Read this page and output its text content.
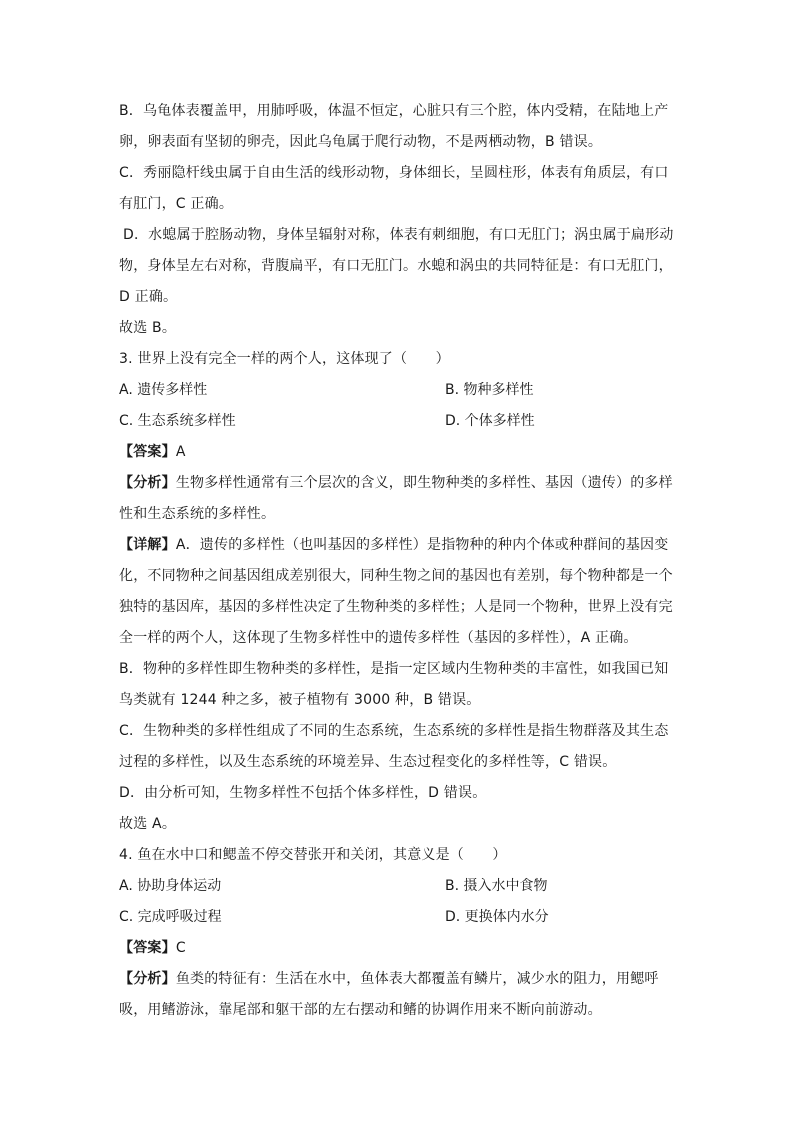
B．乌龟体表覆盖甲，用肺呼吸，体温不恒定，心脏只有三个腔，体内受精，在陆地上产
卵，卵表面有坚韧的卵壳，因此乌龟属于爬行动物，不是两栖动物，B 错误。
C．秀丽隐杆线虫属于自由生活的线形动物，身体细长，呈圆柱形，体表有角质层，有口
有肛门，C 正确。
D．水螅属于腔肠动物，身体呈辐射对称，体表有刺细胞，有口无肛门；涡虫属于扁形动
物，身体呈左右对称，背腹扁平，有口无肛门。水螅和涡虫的共同特征是：有口无肛门，
D 正确。
故选 B。
3. 世界上没有完全一样的两个人，这体现了（　　）
A. 遗传多样性	B. 物种多样性
C. 生态系统多样性	D. 个体多样性
【答案】A
【分析】生物多样性通常有三个层次的含义，即生物种类的多样性、基因（遗传）的多样
性和生态系统的多样性。
【详解】A．遗传的多样性（也叫基因的多样性）是指物种的种内个体或种群间的基因变
化，不同物种之间基因组成差别很大，同种生物之间的基因也有差别，每个物种都是一个
独特的基因库，基因的多样性决定了生物种类的多样性；人是同一个物种，世界上没有完
全一样的两个人，这体现了生物多样性中的遗传多样性（基因的多样性），A 正确。
B．物种的多样性即生物种类的多样性，是指一定区域内生物种类的丰富性，如我国已知
鸟类就有 1244 种之多，被子植物有 3000 种，B 错误。
C．生物种类的多样性组成了不同的生态系统，生态系统的多样性是指生物群落及其生态
过程的多样性，以及生态系统的环境差异、生态过程变化的多样性等，C 错误。
D．由分析可知，生物多样性不包括个体多样性，D 错误。
故选 A。
4. 鱼在水中口和鳃盖不停交替张开和关闭，其意义是（　　）
A. 协助身体运动	B. 摄入水中食物
C. 完成呼吸过程	D. 更换体内水分
【答案】C
【分析】鱼类的特征有：生活在水中，鱼体表大都覆盖有鳞片，减少水的阻力，用鳃呼
吸，用鳍游泳，靠尾部和躯干部的左右摆动和鳍的协调作用来不断向前游动。
